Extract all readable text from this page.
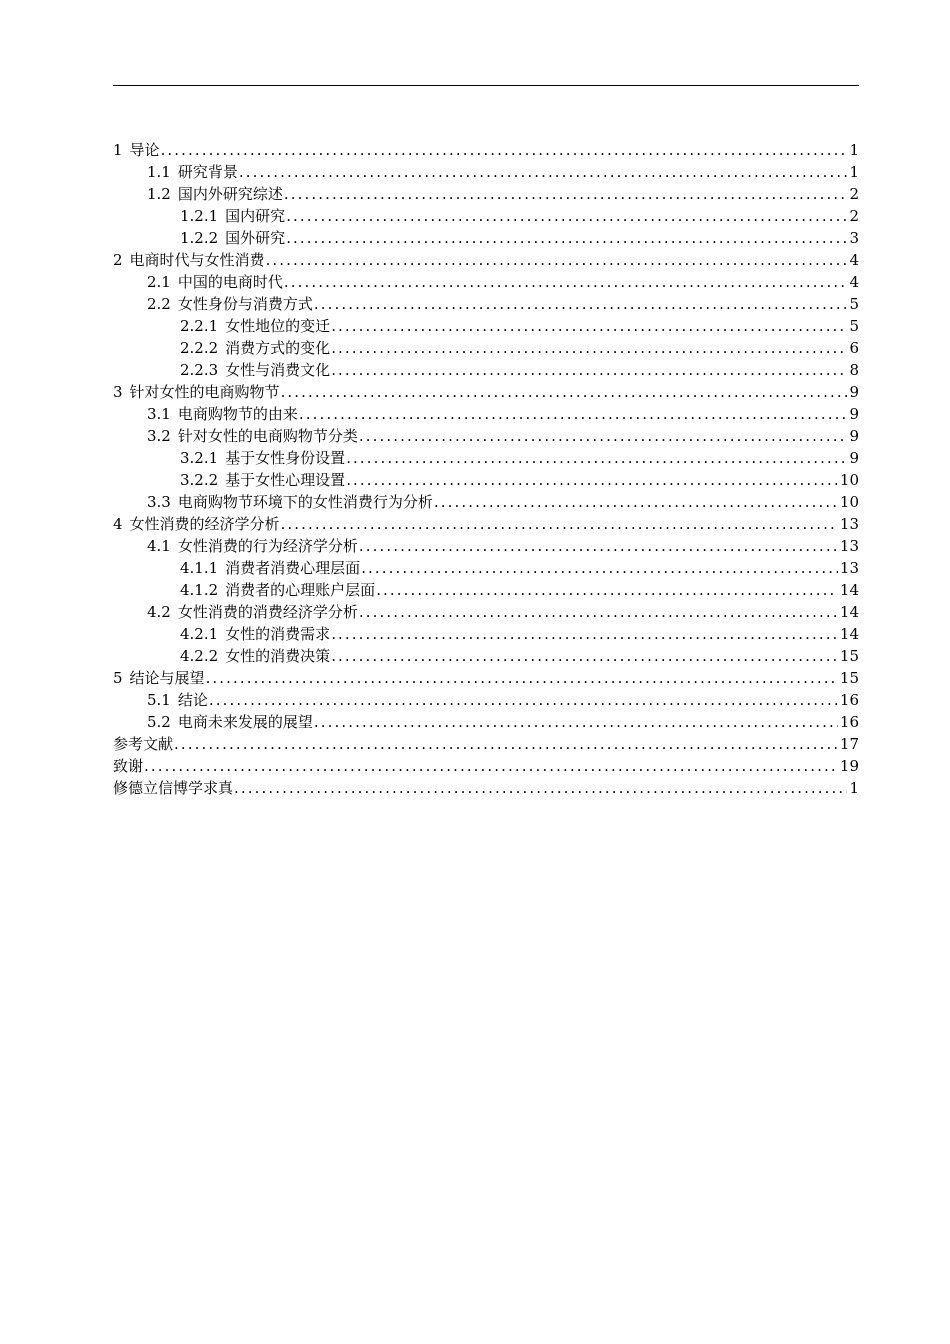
1 导论 .....	1
1.1 研究背景 .....	1
1.2 国内外研究综述 .....	2
1.2.1 国内研究 .....	2
1.2.2 国外研究 .....	3
2 电商时代与女性消费 .....	4
2.1 中国的电商时代 .....	4
2.2 女性身份与消费方式 .....	5
2.2.1 女性地位的变迁 .....	5
2.2.2 消费方式的变化 .....	6
2.2.3 女性与消费文化 .....	8
3 针对女性的电商购物节 .....	9
3.1 电商购物节的由来 .....	9
3.2 针对女性的电商购物节分类 .....	9
3.2.1 基于女性身份设置 .....	9
3.2.2 基于女性心理设置 .....	10
3.3 电商购物节环境下的女性消费行为分析 .....	10
4 女性消费的经济学分析 .....	13
4.1 女性消费的行为经济学分析 .....	13
4.1.1 消费者消费心理层面 .....	13
4.1.2 消费者的心理账户层面 .....	14
4.2 女性消费的消费经济学分析 .....	14
4.2.1 女性的消费需求 .....	14
4.2.2 女性的消费决策 .....	15
5 结论与展望 .....	15
5.1 结论 .....	16
5.2 电商未来发展的展望 .....	16
参考文献 .....	17
致谢 .....	19
修德立信博学求真 .....	1
